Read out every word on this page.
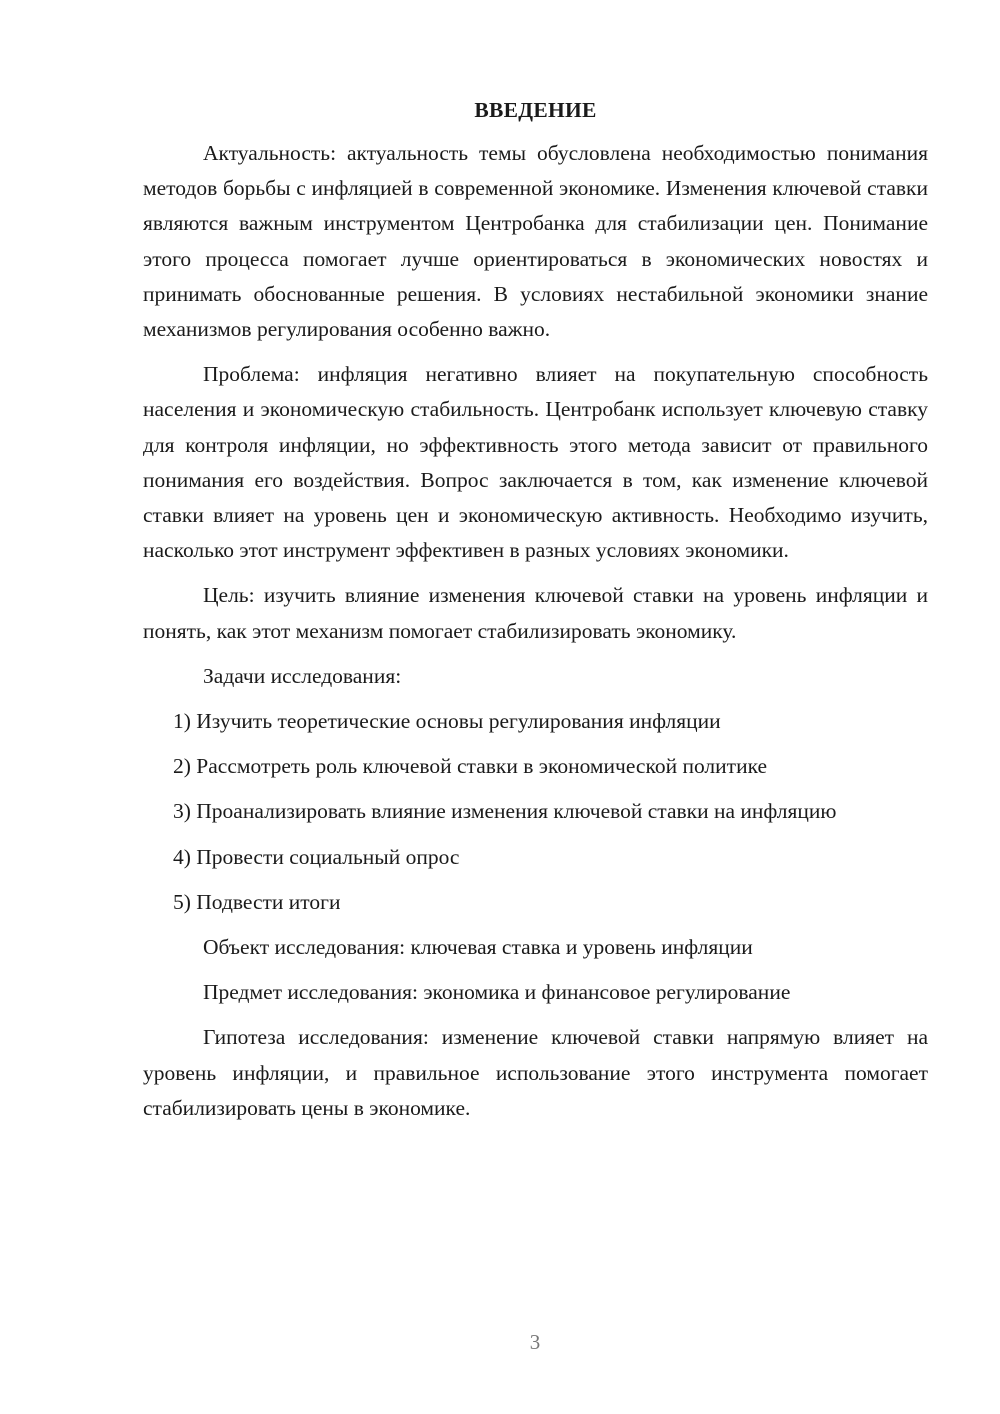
ВВЕДЕНИЕ

Актуальность: актуальность темы обусловлена необходимостью понимания методов борьбы с инфляцией в современной экономике. Изменения ключевой ставки являются важным инструментом Центробанка для стабилизации цен. Понимание этого процесса помогает лучше ориентироваться в экономических новостях и принимать обоснованные решения. В условиях нестабильной экономики знание механизмов регулирования особенно важно.

Проблема: инфляция негативно влияет на покупательную способность населения и экономическую стабильность. Центробанк использует ключевую ставку для контроля инфляции, но эффективность этого метода зависит от правильного понимания его воздействия. Вопрос заключается в том, как изменение ключевой ставки влияет на уровень цен и экономическую активность. Необходимо изучить, насколько этот инструмент эффективен в разных условиях экономики.

Цель: изучить влияние изменения ключевой ставки на уровень инфляции и понять, как этот механизм помогает стабилизировать экономику.

Задачи исследования:

1) Изучить теоретические основы регулирования инфляции

2) Рассмотреть роль ключевой ставки в экономической политике

3) Проанализировать влияние изменения ключевой ставки на инфляцию

4) Провести социальный опрос

5) Подвести итоги

Объект исследования: ключевая ставка и уровень инфляции

Предмет исследования: экономика и финансовое регулирование

Гипотеза исследования: изменение ключевой ставки напрямую влияет на уровень инфляции, и правильное использование этого инструмента помогает стабилизировать цены в экономике.

3
